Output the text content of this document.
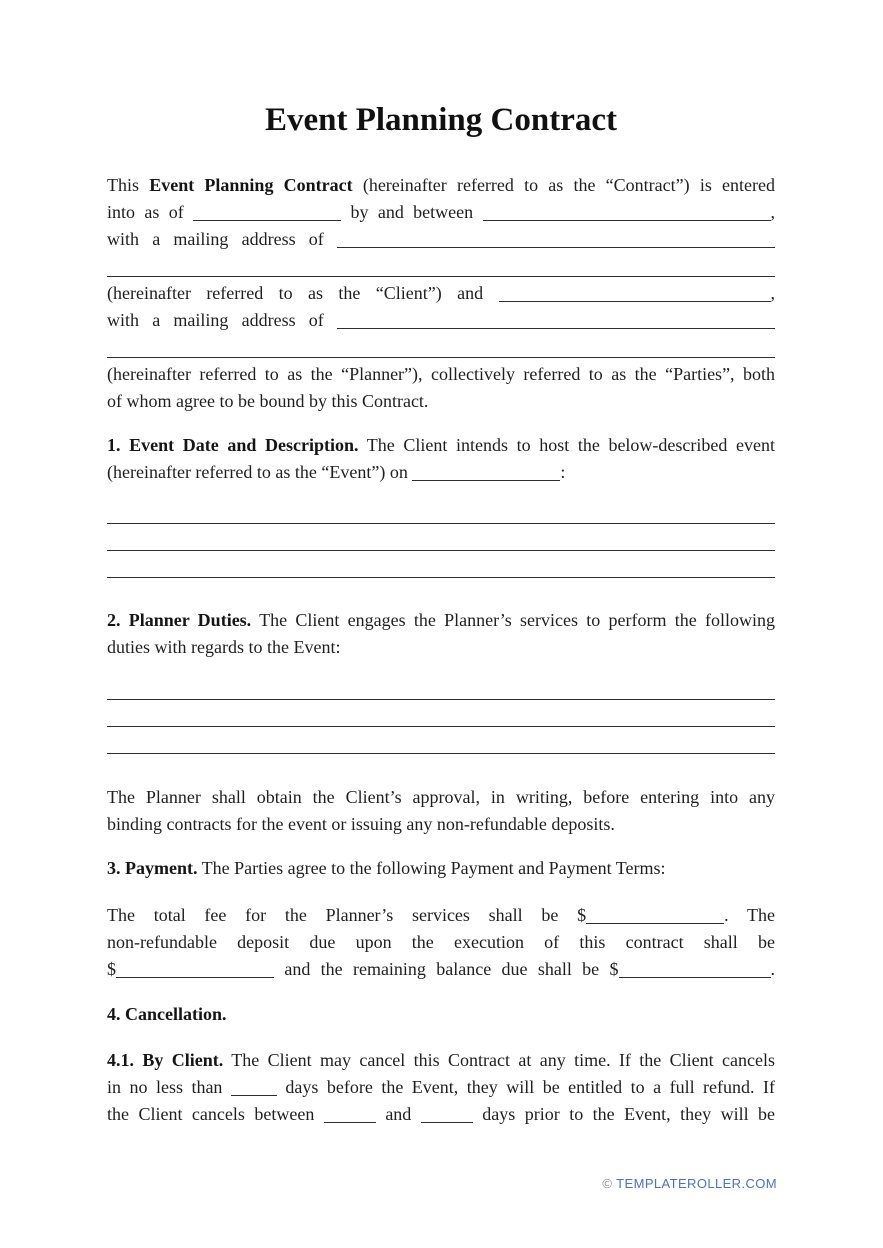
Event Planning Contract
This Event Planning Contract (hereinafter referred to as the “Contract”) is entered
into as of	by and between	,
with a mailing address of
(hereinafter referred to as the “Client”) and	,
with a mailing address of
(hereinafter referred to as the “Planner”), collectively referred to as the “Parties”, both
of whom agree to be bound by this Contract.
1. Event Date and Description. The Client intends to host the below-described event
(hereinafter referred to as the “Event”) on	:
2. Planner Duties. The Client engages the Planner’s services to perform the following
duties with regards to the Event:
The Planner shall obtain the Client’s approval, in writing, before entering into any
binding contracts for the event or issuing any non-refundable deposits.
3. Payment. The Parties agree to the following Payment and Payment Terms:
The total fee for the Planner’s services shall be $	. The
non-refundable deposit due upon the execution of this contract shall be
$	and the remaining balance due shall be $	.
4. Cancellation.
4.1. By Client. The Client may cancel this Contract at any time. If the Client cancels
in no less than	days before the Event, they will be entitled to a full refund. If
the Client cancels between	and	days prior to the Event, they will be
© TEMPLATEROLLER.COM
